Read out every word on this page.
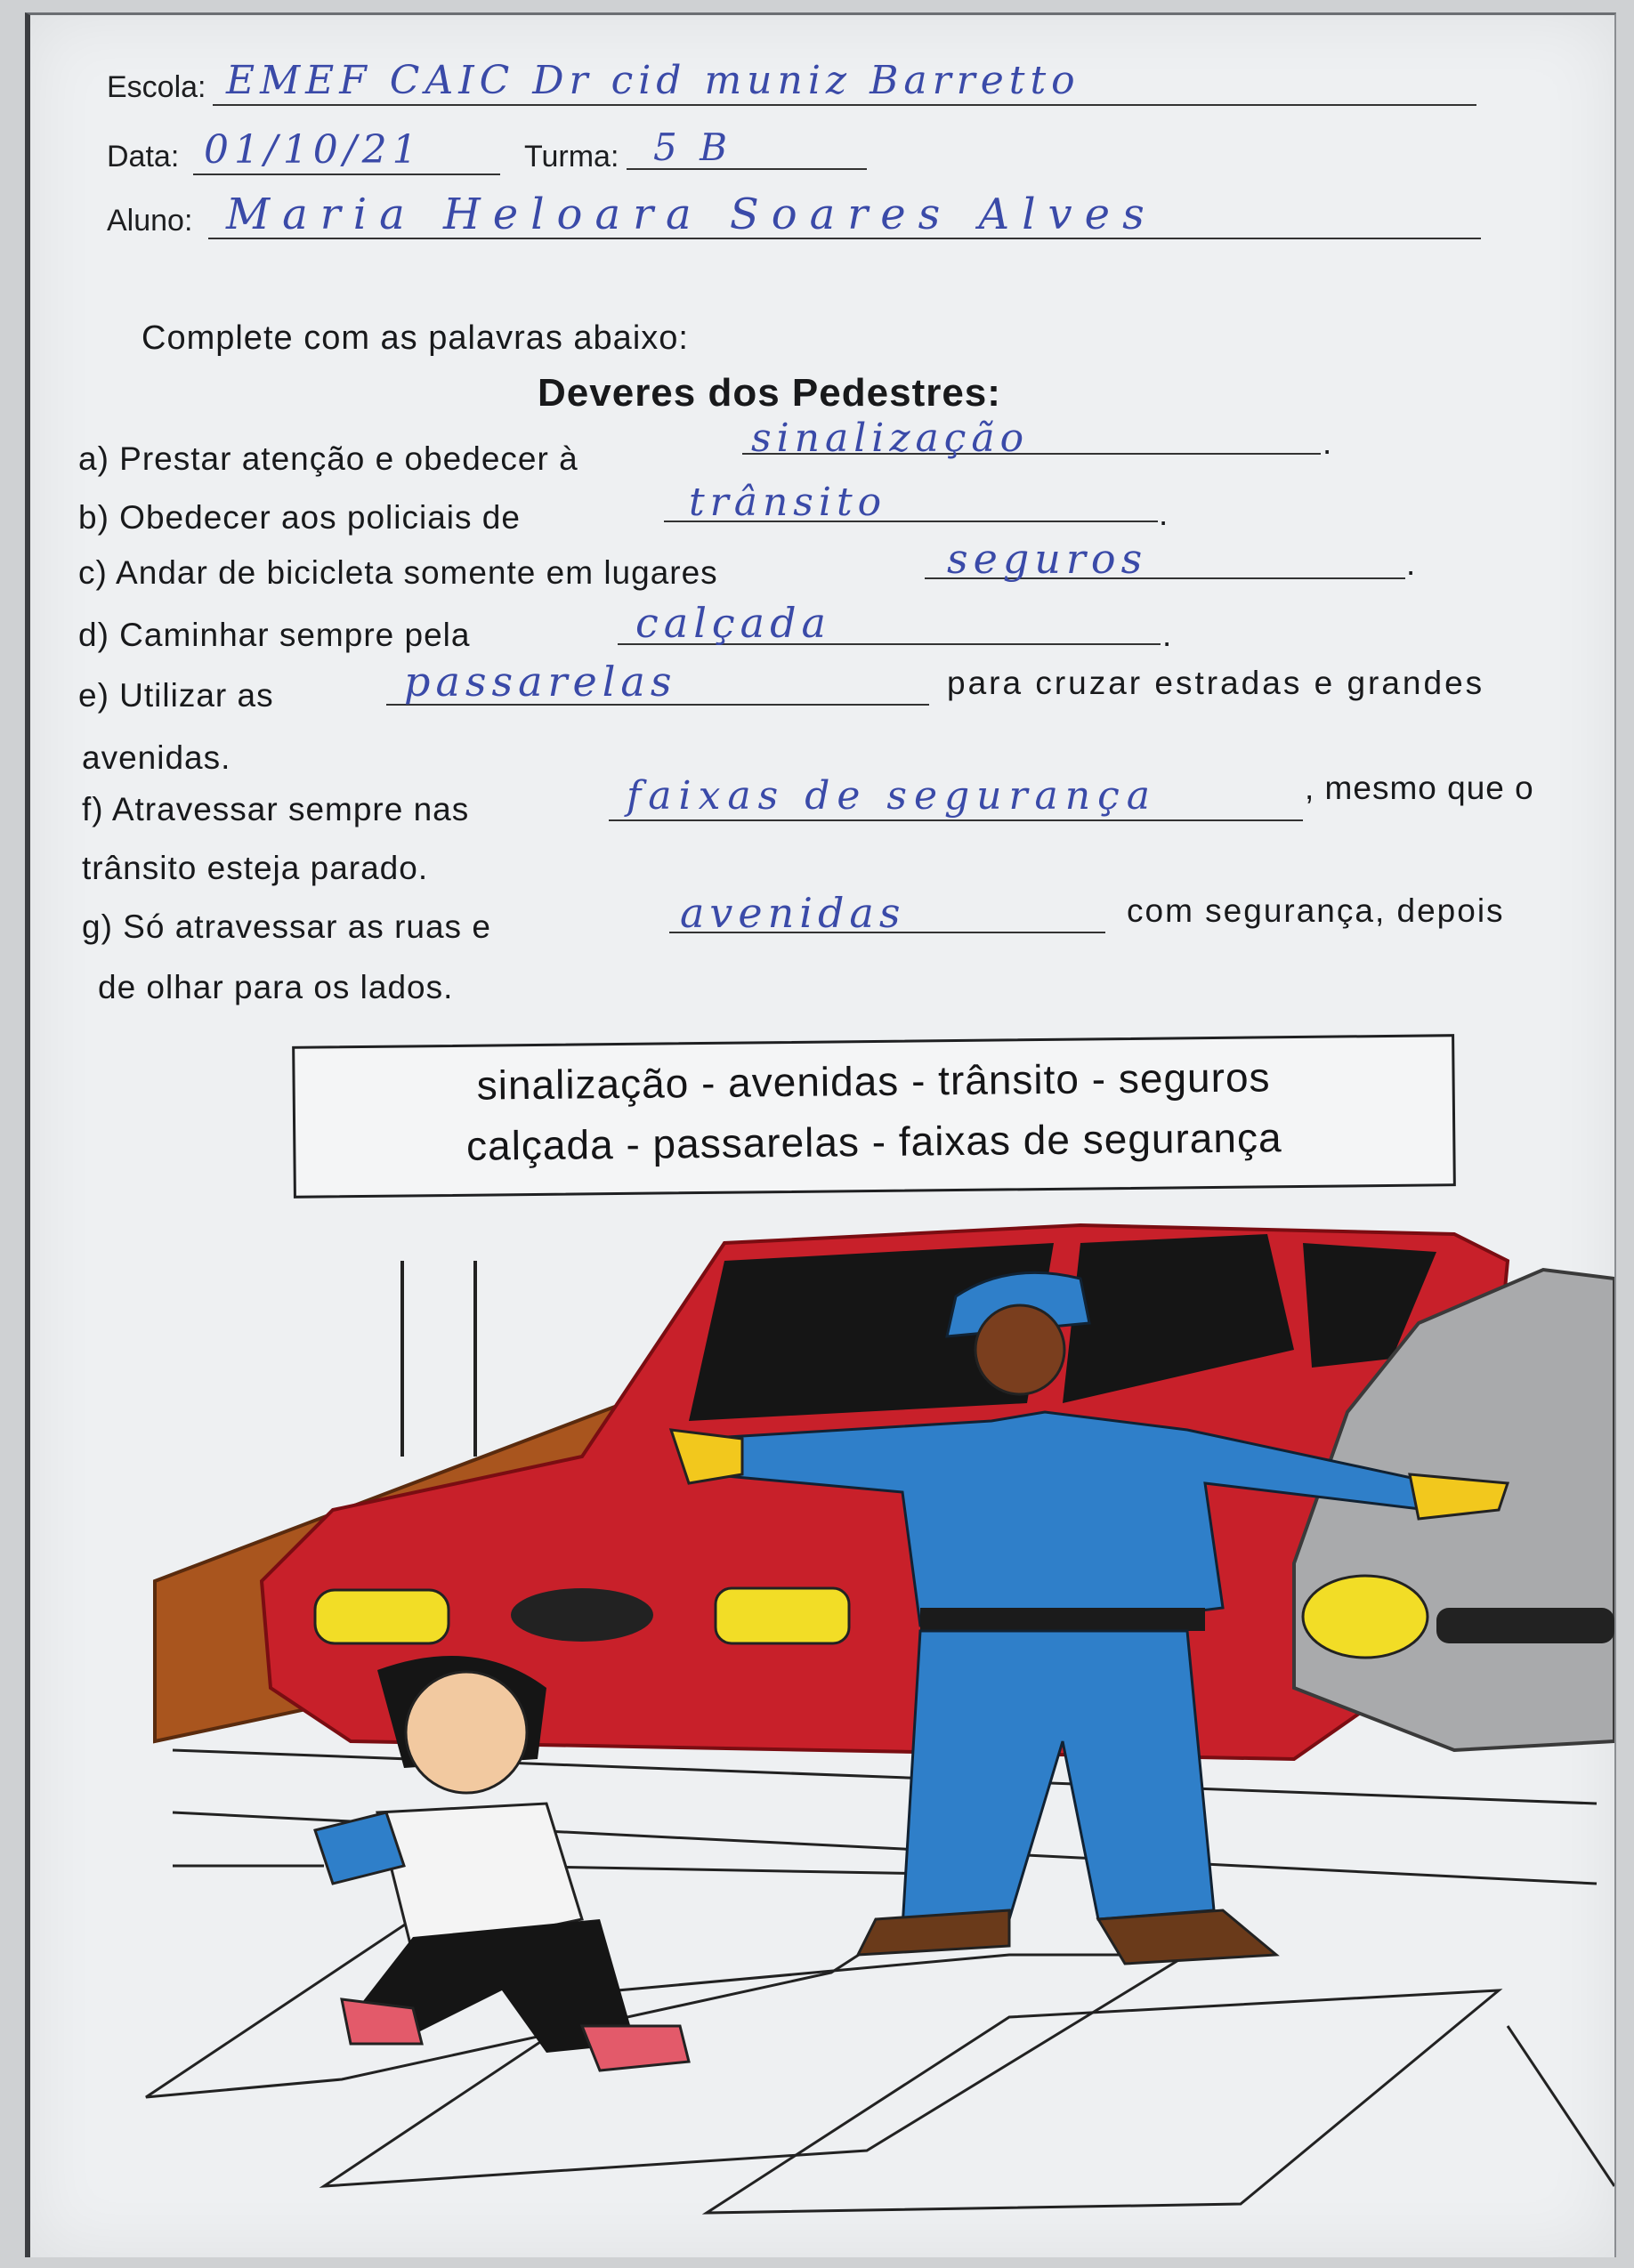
Escola: EMEF CAIC Dr cid muniz Barretto
Data: 01/10/21	Turma: 5 B
Aluno: Maria Heloara Soares Alves
Complete com as palavras abaixo:
Deveres dos Pedestres:
a) Prestar atenção e obedecer à	sinalização	.
b) Obedecer aos policiais de	trânsito	.
c) Andar de bicicleta somente em lugares	seguros	.
d) Caminhar sempre pela	calçada	.
e) Utilizar as	passarelas	para cruzar estradas e grandes
avenidas.
f) Atravessar sempre nas	faixas de segurança	, mesmo que o
trânsito esteja parado.
g) Só atravessar as ruas e	avenidas	com segurança, depois
de olhar para os lados.
sinalização - avenidas - trânsito - seguros
calçada - passarelas - faixas de segurança
